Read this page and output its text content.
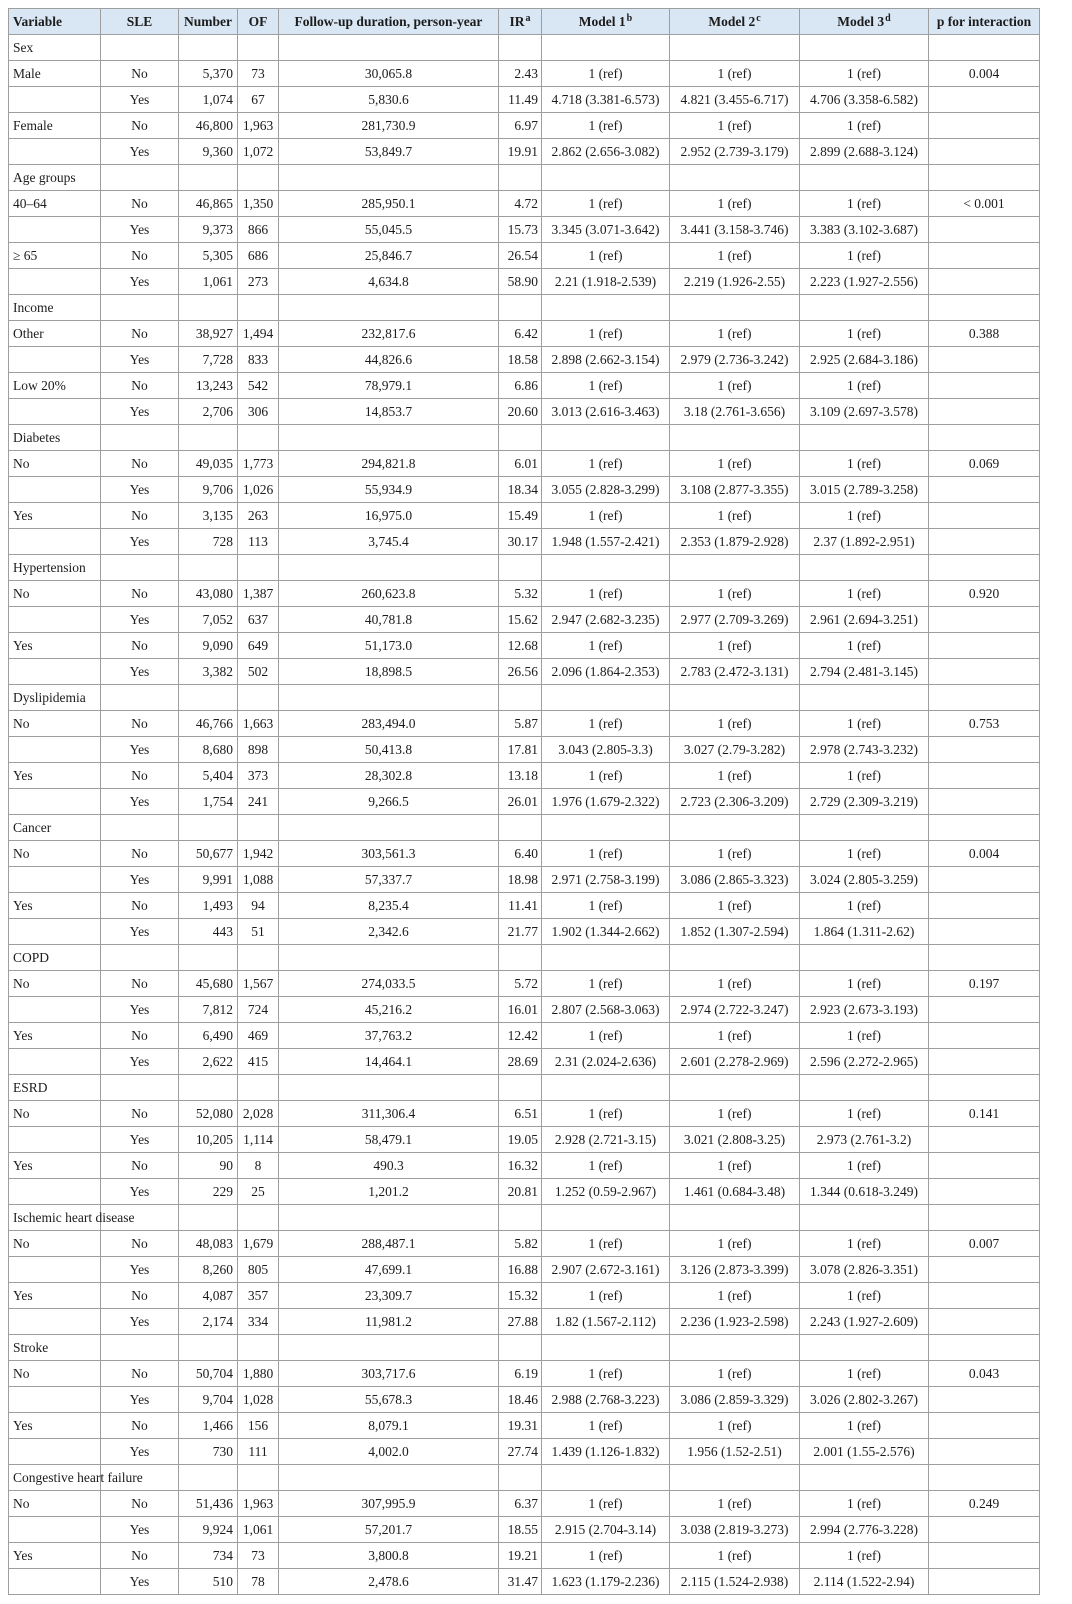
Variable	SLE	Number	OF	Follow-up duration, person-year	IR$^a$	Model 1$^b$	Model 2$^c$	Model 3$^d$	p for interaction
Sex									
Male	No	5,370	73	30,065.8	2.43	1 (ref)	1 (ref)	1 (ref)	0.004
	Yes	1,074	67	5,830.6	11.49	4.718 (3.381-6.573)	4.821 (3.455-6.717)	4.706 (3.358-6.582)	
Female	No	46,800	1,963	281,730.9	6.97	1 (ref)	1 (ref)	1 (ref)	
	Yes	9,360	1,072	53,849.7	19.91	2.862 (2.656-3.082)	2.952 (2.739-3.179)	2.899 (2.688-3.124)	
Age groups									
40–64	No	46,865	1,350	285,950.1	4.72	1 (ref)	1 (ref)	1 (ref)	< 0.001
	Yes	9,373	866	55,045.5	15.73	3.345 (3.071-3.642)	3.441 (3.158-3.746)	3.383 (3.102-3.687)	
≥ 65	No	5,305	686	25,846.7	26.54	1 (ref)	1 (ref)	1 (ref)	
	Yes	1,061	273	4,634.8	58.90	2.21 (1.918-2.539)	2.219 (1.926-2.55)	2.223 (1.927-2.556)	
Income									
Other	No	38,927	1,494	232,817.6	6.42	1 (ref)	1 (ref)	1 (ref)	0.388
	Yes	7,728	833	44,826.6	18.58	2.898 (2.662-3.154)	2.979 (2.736-3.242)	2.925 (2.684-3.186)	
Low 20%	No	13,243	542	78,979.1	6.86	1 (ref)	1 (ref)	1 (ref)	
	Yes	2,706	306	14,853.7	20.60	3.013 (2.616-3.463)	3.18 (2.761-3.656)	3.109 (2.697-3.578)	
Diabetes									
No	No	49,035	1,773	294,821.8	6.01	1 (ref)	1 (ref)	1 (ref)	0.069
	Yes	9,706	1,026	55,934.9	18.34	3.055 (2.828-3.299)	3.108 (2.877-3.355)	3.015 (2.789-3.258)	
Yes	No	3,135	263	16,975.0	15.49	1 (ref)	1 (ref)	1 (ref)	
	Yes	728	113	3,745.4	30.17	1.948 (1.557-2.421)	2.353 (1.879-2.928)	2.37 (1.892-2.951)	
Hypertension									
No	No	43,080	1,387	260,623.8	5.32	1 (ref)	1 (ref)	1 (ref)	0.920
	Yes	7,052	637	40,781.8	15.62	2.947 (2.682-3.235)	2.977 (2.709-3.269)	2.961 (2.694-3.251)	
Yes	No	9,090	649	51,173.0	12.68	1 (ref)	1 (ref)	1 (ref)	
	Yes	3,382	502	18,898.5	26.56	2.096 (1.864-2.353)	2.783 (2.472-3.131)	2.794 (2.481-3.145)	
Dyslipidemia									
No	No	46,766	1,663	283,494.0	5.87	1 (ref)	1 (ref)	1 (ref)	0.753
	Yes	8,680	898	50,413.8	17.81	3.043 (2.805-3.3)	3.027 (2.79-3.282)	2.978 (2.743-3.232)	
Yes	No	5,404	373	28,302.8	13.18	1 (ref)	1 (ref)	1 (ref)	
	Yes	1,754	241	9,266.5	26.01	1.976 (1.679-2.322)	2.723 (2.306-3.209)	2.729 (2.309-3.219)	
Cancer									
No	No	50,677	1,942	303,561.3	6.40	1 (ref)	1 (ref)	1 (ref)	0.004
	Yes	9,991	1,088	57,337.7	18.98	2.971 (2.758-3.199)	3.086 (2.865-3.323)	3.024 (2.805-3.259)	
Yes	No	1,493	94	8,235.4	11.41	1 (ref)	1 (ref)	1 (ref)	
	Yes	443	51	2,342.6	21.77	1.902 (1.344-2.662)	1.852 (1.307-2.594)	1.864 (1.311-2.62)	
COPD									
No	No	45,680	1,567	274,033.5	5.72	1 (ref)	1 (ref)	1 (ref)	0.197
	Yes	7,812	724	45,216.2	16.01	2.807 (2.568-3.063)	2.974 (2.722-3.247)	2.923 (2.673-3.193)	
Yes	No	6,490	469	37,763.2	12.42	1 (ref)	1 (ref)	1 (ref)	
	Yes	2,622	415	14,464.1	28.69	2.31 (2.024-2.636)	2.601 (2.278-2.969)	2.596 (2.272-2.965)	
ESRD									
No	No	52,080	2,028	311,306.4	6.51	1 (ref)	1 (ref)	1 (ref)	0.141
	Yes	10,205	1,114	58,479.1	19.05	2.928 (2.721-3.15)	3.021 (2.808-3.25)	2.973 (2.761-3.2)	
Yes	No	90	8	490.3	16.32	1 (ref)	1 (ref)	1 (ref)	
	Yes	229	25	1,201.2	20.81	1.252 (0.59-2.967)	1.461 (0.684-3.48)	1.344 (0.618-3.249)	
Ischemic heart disease									
No	No	48,083	1,679	288,487.1	5.82	1 (ref)	1 (ref)	1 (ref)	0.007
	Yes	8,260	805	47,699.1	16.88	2.907 (2.672-3.161)	3.126 (2.873-3.399)	3.078 (2.826-3.351)	
Yes	No	4,087	357	23,309.7	15.32	1 (ref)	1 (ref)	1 (ref)	
	Yes	2,174	334	11,981.2	27.88	1.82 (1.567-2.112)	2.236 (1.923-2.598)	2.243 (1.927-2.609)	
Stroke									
No	No	50,704	1,880	303,717.6	6.19	1 (ref)	1 (ref)	1 (ref)	0.043
	Yes	9,704	1,028	55,678.3	18.46	2.988 (2.768-3.223)	3.086 (2.859-3.329)	3.026 (2.802-3.267)	
Yes	No	1,466	156	8,079.1	19.31	1 (ref)	1 (ref)	1 (ref)	
	Yes	730	111	4,002.0	27.74	1.439 (1.126-1.832)	1.956 (1.52-2.51)	2.001 (1.55-2.576)	
Congestive heart failure									
No	No	51,436	1,963	307,995.9	6.37	1 (ref)	1 (ref)	1 (ref)	0.249
	Yes	9,924	1,061	57,201.7	18.55	2.915 (2.704-3.14)	3.038 (2.819-3.273)	2.994 (2.776-3.228)	
Yes	No	734	73	3,800.8	19.21	1 (ref)	1 (ref)	1 (ref)	
	Yes	510	78	2,478.6	31.47	1.623 (1.179-2.236)	2.115 (1.524-2.938)	2.114 (1.522-2.94)	
